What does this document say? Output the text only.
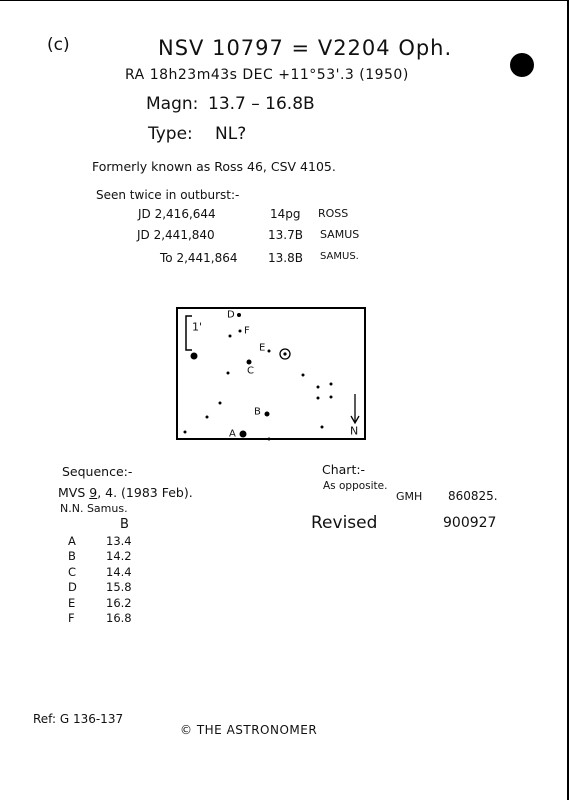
(c)	NSV 10797 = V2204 Oph.
RA 18h23m43s DEC +11°53'.3 (1950)
Magn: 13.7 – 16.8B
Type: NL?
Formerly known as Ross 46, CSV 4105.
Seen twice in outburst:-
JD 2,416,644	14pg ROSS
JD 2,441,840	13.7B SAMUS
To 2,441,864	13.8B SAMUS.
1'
D
F
E
C
B
A	N
Sequence:-
MVS 9, 4. (1983 Feb).
N.N. Samus.
B
A	13.4
B	14.2
C	14.4
D	15.8
E	16.2
F	16.8
Chart:-
As opposite.
GMH 860825.
Revised	900927
Ref: G 136-137
© THE ASTRONOMER
